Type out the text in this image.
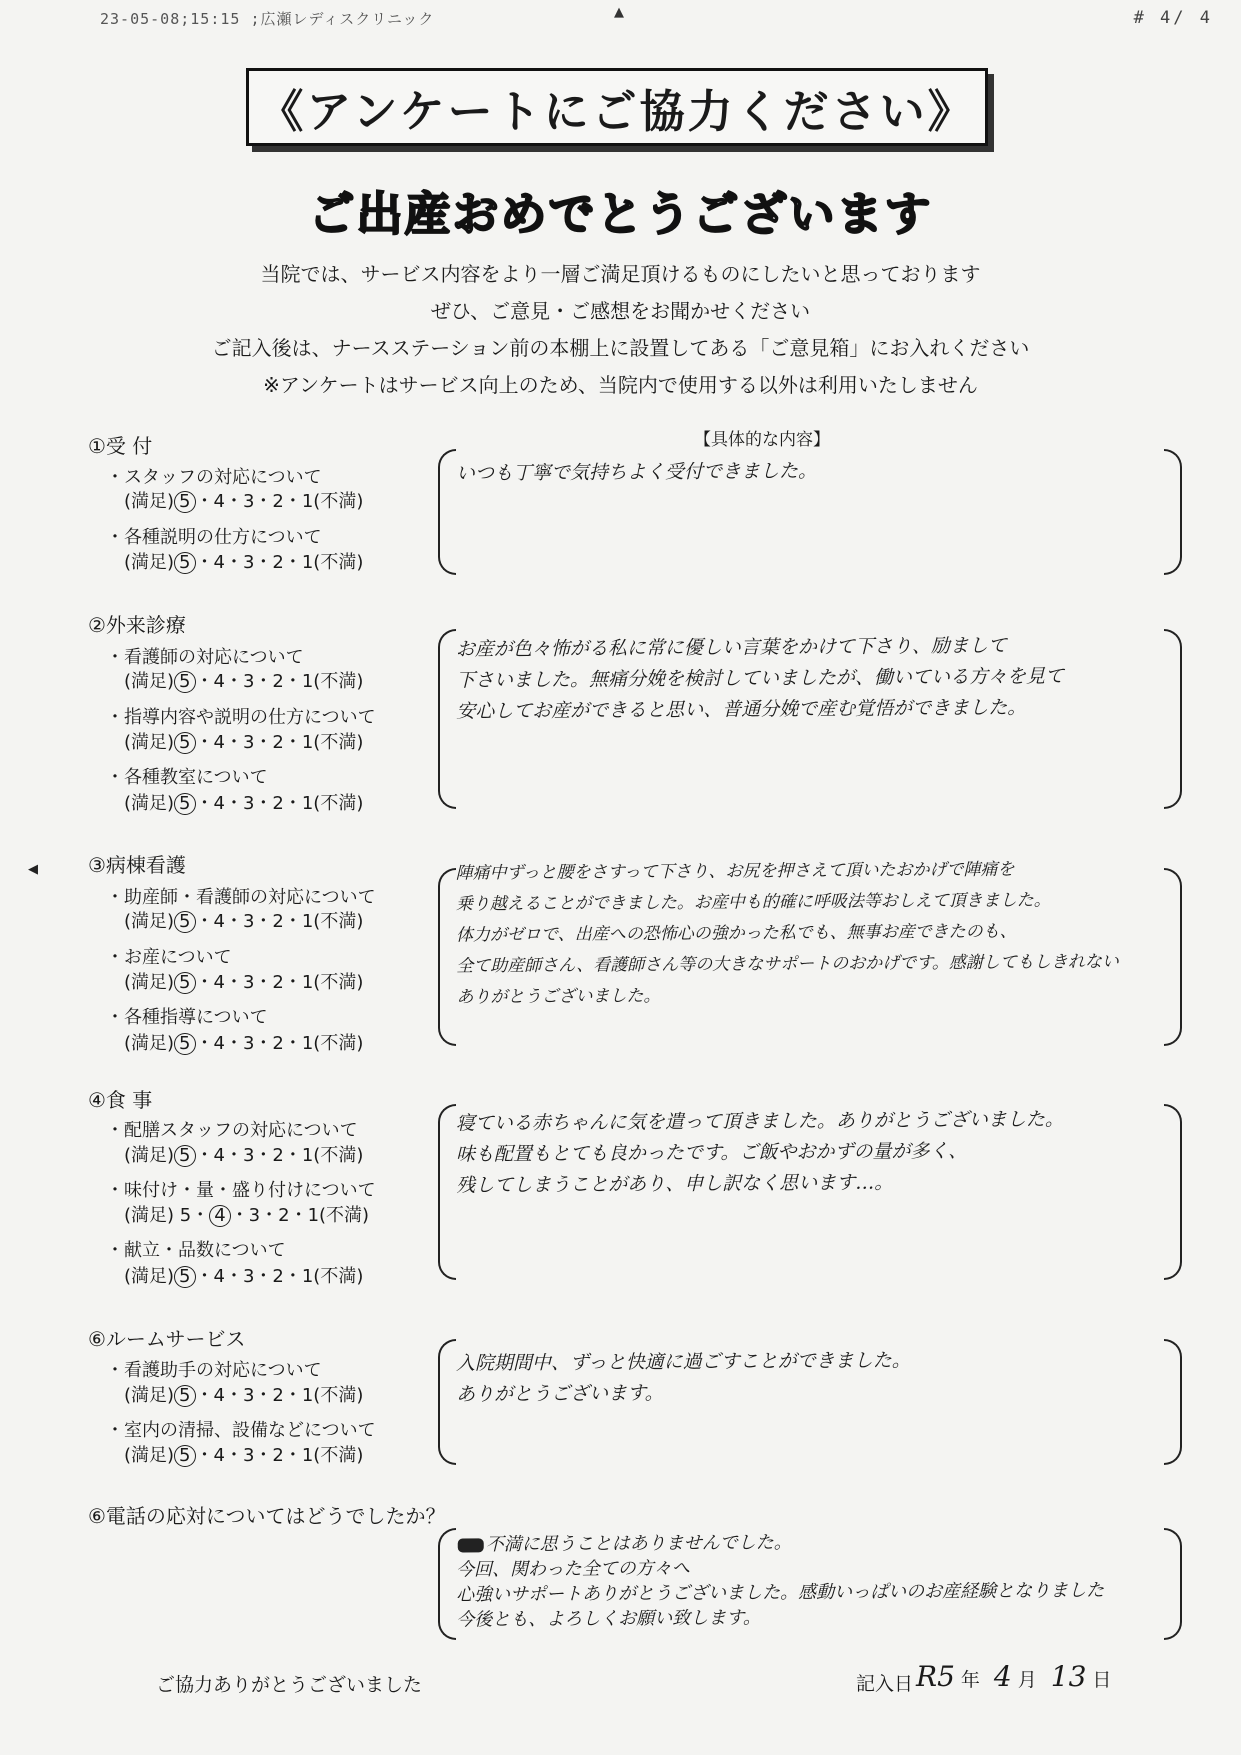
23-05-08;15:15 ;広瀬レディスクリニック	▲	# 4/ 4
◀
《アンケートにご協力ください》
ご出産おめでとうございます
当院では、サービス内容をより一層ご満足頂けるものにしたいと思っております
ぜひ、ご意見・ご感想をお聞かせください
ご記入後は、ナースステーション前の本棚上に設置してある「ご意見箱」にお入れください
※アンケートはサービス向上のため、当院内で使用する以外は利用いたしません
【具体的な内容】
①受 付
・スタッフの対応について
(満足) 5 ・4・3・2・1(不満)
・各種説明の仕方について
(満足) 5 ・4・3・2・1(不満)
いつも丁寧で気持ちよく受付できました。
②外来診療
・看護師の対応について
(満足) 5 ・4・3・2・1(不満)
・指導内容や説明の仕方について
(満足) 5 ・4・3・2・1(不満)
・各種教室について
(満足) 5 ・4・3・2・1(不満)
お産が色々怖がる私に常に優しい言葉をかけて下さり、励まして
下さいました。無痛分娩を検討していましたが、働いている方々を見て
安心してお産ができると思い、普通分娩で産む覚悟ができました。
③病棟看護
・助産師・看護師の対応について
(満足) 5 ・4・3・2・1(不満)
・お産について
(満足) 5 ・4・3・2・1(不満)
・各種指導について
(満足) 5 ・4・3・2・1(不満)
陣痛中ずっと腰をさすって下さり、お尻を押さえて頂いたおかげで陣痛を
乗り越えることができました。お産中も的確に呼吸法等おしえて頂きました。
体力がゼロで、出産への恐怖心の強かった私でも、無事お産できたのも、
全て助産師さん、看護師さん等の大きなサポートのおかげです。感謝してもしきれない
ありがとうございました。
④食 事
・配膳スタッフの対応について
(満足) 5 ・4・3・2・1(不満)
・味付け・量・盛り付けについて
(満足) 5・ 4 ・3・2・1(不満)
・献立・品数について
(満足) 5 ・4・3・2・1(不満)
寝ている赤ちゃんに気を遣って頂きました。ありがとうございました。
味も配置もとても良かったです。ご飯やおかずの量が多く、
残してしまうことがあり、申し訳なく思います…。
⑥ルームサービス
・看護助手の対応について
(満足) 5 ・4・3・2・1(不満)
・室内の清掃、設備などについて
(満足) 5 ・4・3・2・1(不満)
入院期間中、ずっと快適に過ごすことができました。
ありがとうございます。
⑥電話の応対についてはどうでしたか？
不満に思うことはありませんでした。
今回、関わった全ての方々へ
心強いサポートありがとうございました。感動いっぱいのお産経験となりました
今後とも、よろしくお願い致します。
ご協力ありがとうございました	記入日 R5 年 4 月 13 日
